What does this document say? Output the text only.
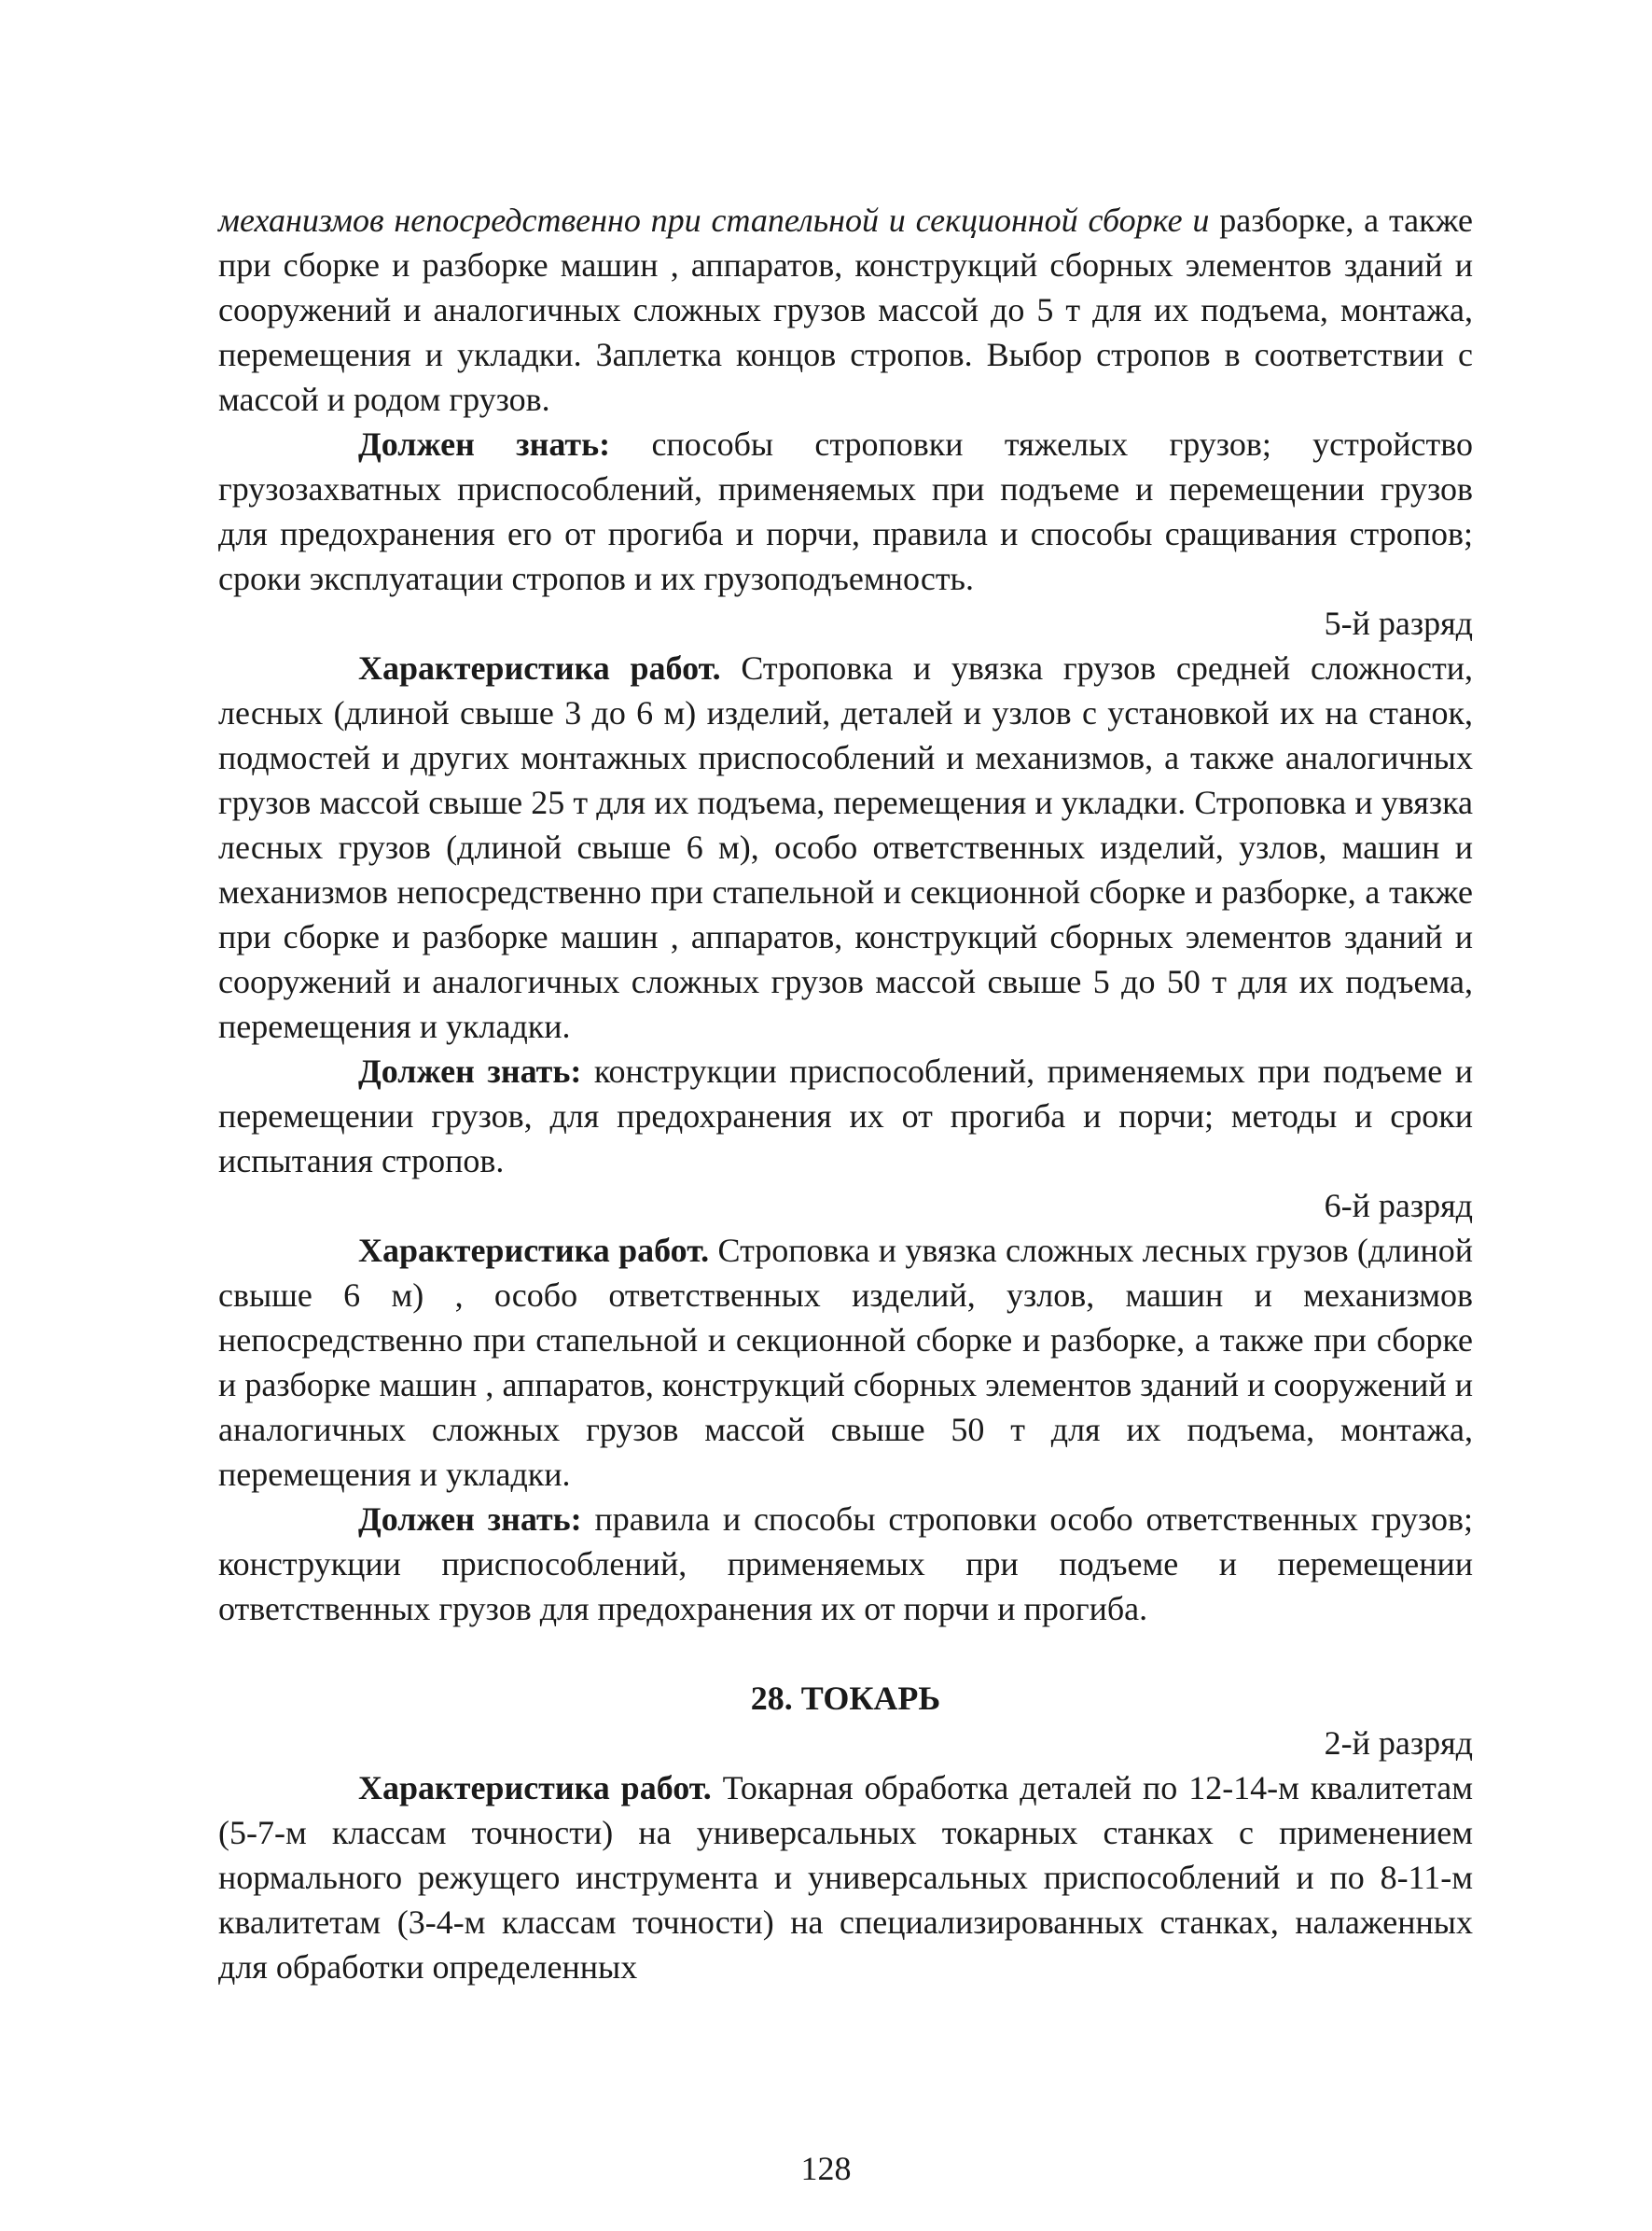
механизмов непосредственно при стапельной и секционной сборке и разборке, а также при сборке и разборке машин , аппаратов, конструкций сборных элементов зданий и сооружений и аналогичных сложных грузов массой до 5 т для их подъема, монтажа, перемещения и укладки. Заплетка концов стропов. Выбор стропов в соответствии с массой и родом грузов.

Должен знать: способы строповки тяжелых грузов; устройство грузозахватных приспособлений, применяемых при подъеме и перемещении грузов для предохранения его от прогиба и порчи, правила и способы сращивания стропов; сроки эксплуатации стропов и их грузоподъемность.

5-й разряд

Характеристика работ. Строповка и увязка грузов средней сложности, лесных (длиной свыше 3 до 6 м) изделий, деталей и узлов с установкой их на станок, подмостей и других монтажных приспособлений и механизмов, а также аналогичных грузов массой свыше 25 т для их подъема, перемещения и укладки. Строповка и увязка лесных грузов (длиной свыше 6 м), особо ответственных изделий, узлов, машин и механизмов непосредственно при стапельной и секционной сборке и разборке, а также при сборке и разборке машин , аппаратов, конструкций сборных элементов зданий и сооружений и аналогичных сложных грузов массой свыше 5 до 50 т для их подъема, перемещения и укладки.

Должен знать: конструкции приспособлений, применяемых при подъеме и перемещении грузов, для предохранения их от прогиба и порчи; методы и сроки испытания стропов.

6-й разряд

Характеристика работ. Строповка и увязка сложных лесных грузов (длиной свыше 6 м) , особо ответственных изделий, узлов, машин и механизмов непосредственно при стапельной и секционной сборке и разборке, а также при сборке и разборке машин , аппаратов, конструкций сборных элементов зданий и сооружений и аналогичных сложных грузов массой свыше 50 т для их подъема, монтажа, перемещения и укладки.

Должен знать: правила и способы строповки особо ответственных грузов; конструкции приспособлений, применяемых при подъеме и перемещении ответственных грузов для предохранения их от порчи и прогиба.

28. ТОКАРЬ

2-й разряд

Характеристика работ. Токарная обработка деталей по 12-14-м квалитетам (5-7-м классам точности) на универсальных токарных станках с применением нормального режущего инструмента и универсальных приспособлений и по 8-11-м квалитетам (3-4-м классам точности) на специализированных станках, налаженных для обработки определенных

128
